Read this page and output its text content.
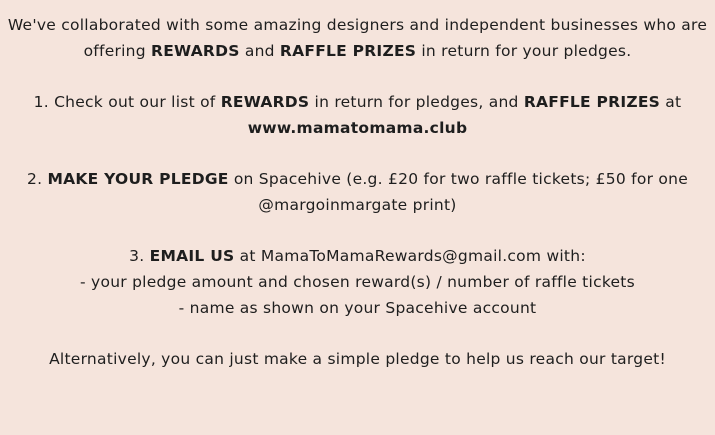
We've collaborated with some amazing designers and independent businesses who are offering REWARDS and RAFFLE PRIZES in return for your pledges.

1. Check out our list of REWARDS in return for pledges, and RAFFLE PRIZES at
www.mamatomama.club

2. MAKE YOUR PLEDGE on Spacehive (e.g. £20 for two raffle tickets; £50 for one @margoinmargate print)

3. EMAIL US at MamaToMamaRewards@gmail.com with:
- your pledge amount and chosen reward(s) / number of raffle tickets
- name as shown on your Spacehive account

Alternatively, you can just make a simple pledge to help us reach our target!
